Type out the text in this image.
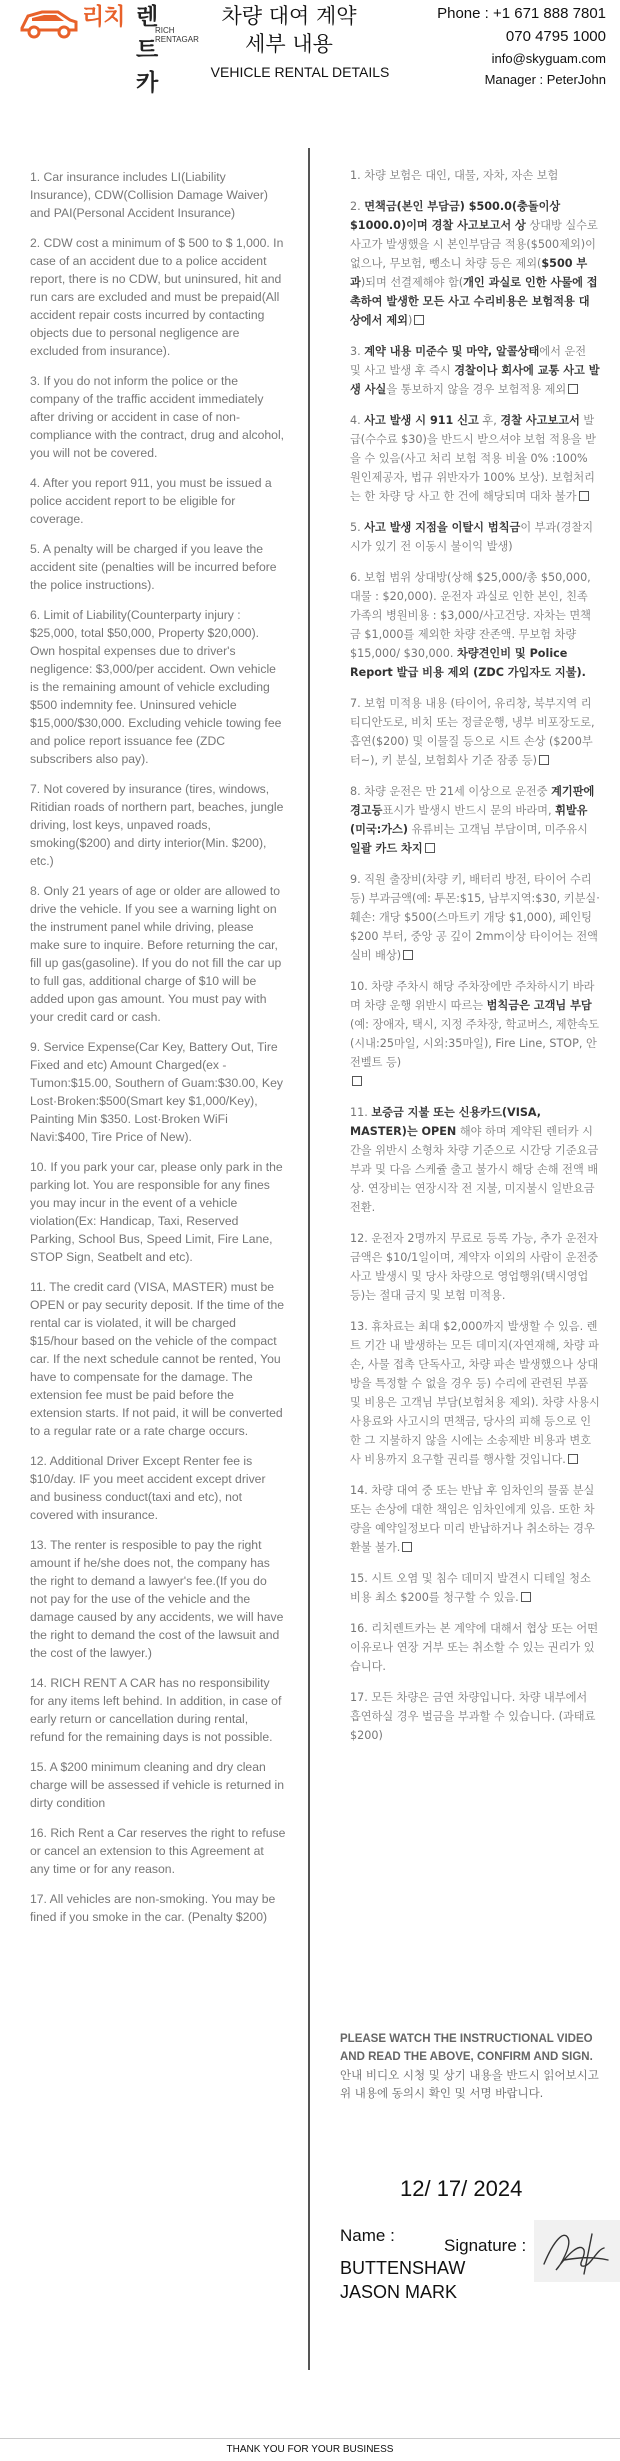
리치 렌트카
RICH RENTAGAR
차량 대여 계약 세부 내용
VEHICLE RENTAL DETAILS
Phone : +1 671 888 7801
070 4795 1000
info@skyguam.com
Manager : PeterJohn

1. Car insurance includes LI(Liability Insurance), CDW(Collision Damage Waiver) and PAI(Personal Accident Insurance)

2. CDW cost a minimum of $ 500 to $ 1,000. In case of an accident due to a police accident report, there is no CDW, but uninsured, hit and run cars are excluded and must be prepaid(All accident repair costs incurred by contacting objects due to personal negligence are excluded from insurance).

3. If you do not inform the police or the company of the traffic accident immediately after driving or accident in case of non-compliance with the contract, drug and alcohol, you will not be covered.

4. After you report 911, you must be issued a police accident report to be eligible for coverage.

5. A penalty will be charged if you leave the accident site (penalties will be incurred before the police instructions).

6. Limit of Liability(Counterparty injury : $25,000, total $50,000, Property $20,000). Own hospital expenses due to driver's negligence: $3,000/per accident. Own vehicle is the remaining amount of vehicle excluding $500 indemnity fee. Uninsured vehicle $15,000/$30,000. Excluding vehicle towing fee and police report issuance fee (ZDC subscribers also pay).

7. Not covered by insurance (tires, windows, Ritidian roads of northern part, beaches, jungle driving, lost keys, unpaved roads, smoking($200) and dirty interior(Min. $200), etc.)

8. Only 21 years of age or older are allowed to drive the vehicle. If you see a warning light on the instrument panel while driving, please make sure to inquire. Before returning the car, fill up gas(gasoline). If you do not fill the car up to full gas, additional charge of $10 will be added upon gas amount. You must pay with your credit card or cash.

9. Service Expense(Car Key, Battery Out, Tire Fixed and etc) Amount Charged(ex - Tumon:$15.00, Southern of Guam:$30.00, Key Lost·Broken:$500(Smart key $1,000/Key), Painting Min $350. Lost·Broken WiFi Navi:$400, Tire Price of New).

10. If you park your car, please only park in the parking lot. You are responsible for any fines you may incur in the event of a vehicle violation(Ex: Handicap, Taxi, Reserved Parking, School Bus, Speed Limit, Fire Lane, STOP Sign, Seatbelt and etc).

11. The credit card (VISA, MASTER) must be OPEN or pay security deposit. If the time of the rental car is violated, it will be charged $15/hour based on the vehicle of the compact car. If the next schedule cannot be rented, You have to compensate for the damage. The extension fee must be paid before the extension starts. If not paid, it will be converted to a regular rate or a rate charge occurs.

12. Additional Driver Except Renter fee is $10/day. IF you meet accident except driver and business conduct(taxi and etc), not covered with insurance.

13. The renter is resposible to pay the right amount if he/she does not, the company has the right to demand a lawyer's fee.(If you do not pay for the use of the vehicle and the damage caused by any accidents, we will have the right to demand the cost of the lawsuit and the cost of the lawyer.)

14. RICH RENT A CAR has no responsibility for any items left behind. In addition, in case of early return or cancellation during rental, refund for the remaining days is not possible.

15. A $200 minimum cleaning and dry clean charge will be assessed if vehicle is returned in dirty condition

16. Rich Rent a Car reserves the right to refuse or cancel an extension to this Agreement at any time or for any reason.

17. All vehicles are non-smoking. You may be fined if you smoke in the car. (Penalty $200)

1. 차량 보험은 대인, 대물, 자차, 자손 보험

2. 면책금(본인 부담금) $500.0(충돌이상 $1000.0)이며 경찰 사고보고서 상 상대방 실수로 사고가 발생했을 시 본인부담금 적용($500제외)이 없으나, 무보험, 뺑소니 차량 등은 제외($500 부과)되며 선결제해야 함(개인 과실로 인한 사물에 접촉하여 발생한 모든 사고 수리비용은 보험적용 대상에서 제외)

3. 계약 내용 미준수 및 마약, 알콜상태에서 운전 및 사고 발생 후 즉시 경찰이나 회사에 교통 사고 발생 사실을 통보하지 않을 경우 보험적용 제외

4. 사고 발생 시 911 신고 후, 경찰 사고보고서 발급(수수료 $30)을 반드시 받으셔야 보험 적용을 받을 수 있음(사고 처리 보험 적용 비율 0% :100% 원인제공자, 법규 위반자가 100% 보상). 보험처리는 한 차량 당 사고 한 건에 해당되며 대차 불가

5. 사고 발생 지점을 이탈시 범칙금이 부과(경찰지시가 있기 전 이동시 불이익 발생)

6. 보험 범위 상대방(상해 $25,000/총 $50,000, 대물 : $20,000). 운전자 과실로 인한 본인, 친족 가족의 병원비용 : $3,000/사고건당. 자차는 면책금 $1,000를 제외한 차량 잔존액. 무보험 차량 $15,000/ $30,000. 차량견인비 및 Police Report 발급 비용 제외 (ZDC 가입자도 지불).

7. 보험 미적용 내용 (타이어, 유리창, 북부지역 리티디안도로, 비치 또는 정글운행, 냉부 비포장도로, 흡연($200) 및 이물질 등으로 시트 손상 ($200부터~), 키 분실, 보험회사 기준 잠종 등)

8. 차량 운전은 만 21세 이상으로 운전중 계기판에 경고등표시가 발생시 반드시 문의 바라며, 휘발유(미국:가스) 유류비는 고객님 부담이며, 미주유시 일괄 카드 차지

9. 직원 출장비(차량 키, 배터리 방전, 타이어 수리등) 부과금액(예: 투몬:$15, 남부지역:$30, 키분실·훼손: 개당 $500(스마트키 개당 $1,000), 페인팅 $200 부터, 중앙 공 깊이 2mm이상 타이어는 전액 실비 배상)

10. 차량 주차시 해당 주차장에만 주차하시기 바라며 차량 운행 위반시 따르는 범칙금은 고객님 부담 (예: 장애자, 택시, 지정 주차장, 학교버스, 제한속도(시내:25마일, 시외:35마일), Fire Line, STOP, 안전벨트 등)

11. 보증금 지불 또는 신용카드(VISA, MASTER)는 OPEN 해야 하며 계약된 렌터카 시간을 위반시 소형차 차량 기준으로 시간당 기준요금부과 및 다음 스케쥴 출고 불가시 해당 손해 전액 배상. 연장비는 연장시작 전 지불, 미지불시 일반요금 전환.

12. 운전자 2명까지 무료로 등록 가능, 추가 운전자 금액은 $10/1일이며, 계약자 이외의 사람이 운전중 사고 발생시 및 당사 차량으로 영업행위(택시영업 등)는 절대 금지 및 보험 미적용.

13. 휴차료는 최대 $2,000까지 발생할 수 있음. 렌트 기간 내 발생하는 모든 데미지(자연재해, 차량 파손, 사물 접촉 단독사고, 차량 파손 발생했으나 상대방을 특정할 수 없을 경우 등) 수리에 관련된 부품 및 비용은 고객님 부담(보험처용 제외). 차량 사용시 사용료와 사고시의 면책금, 당사의 피해 등으로 인한 그 지불하지 않을 시에는 소송제반 비용과 변호사 비용까지 요구할 권리를 행사할 것입니다.

14. 차량 대여 중 또는 반납 후 임차인의 물품 분실 또는 손상에 대한 책임은 임차인에게 있음. 또한 차량을 예약일정보다 미리 반납하거나 취소하는 경우 환불 불가.

15. 시트 오염 및 침수 데미지 발견시 디테일 청소 비용 최소 $200를 청구할 수 있음.

16. 리치렌트카는 본 계약에 대해서 협상 또는 어떤 이유로나 연장 거부 또는 취소할 수 있는 권리가 있습니다.

17. 모든 차량은 금연 차량입니다. 차량 내부에서 흡연하실 경우 벌금을 부과할 수 있습니다. (과태료 $200)

PLEASE WATCH THE INSTRUCTIONAL VIDEO AND READ THE ABOVE, CONFIRM AND SIGN.
안내 비디오 시청 및 상기 내용을 반드시 읽어보시고 위 내용에 동의시 확인 및 서명 바랍니다.
12/ 17/ 2024
Name :
Signature :
BUTTENSHAW
JASON MARK
THANK YOU FOR YOUR BUSINESS
